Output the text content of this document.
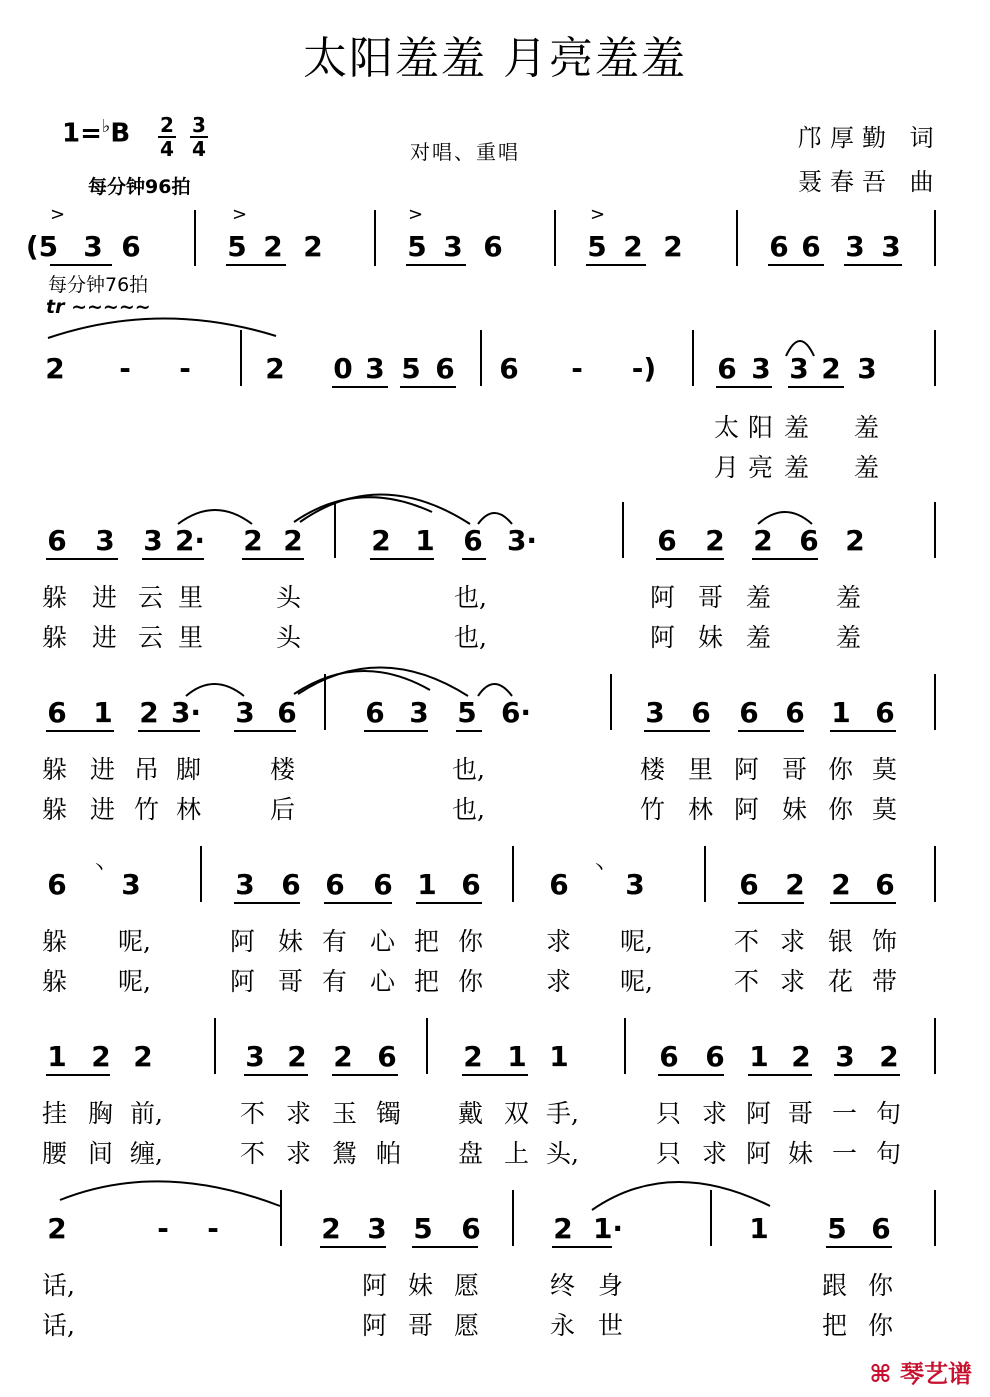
太阳羞羞 月亮羞羞
$1=^♭B \frac{2}{4} \frac{3}{4}$
每分钟96拍
对唱、重唱	邝厚勤 词
聂春吾 曲
每分钟76拍
tr ~~~~~
>	>	>	>
(5 3 6	5 2 2	5 3 6	5 2 2	6 6 3 3
2 - -	2 0 3 5 6 6 - -) 6 3 3 2 3
太 阳 羞 羞
月 亮 羞 羞
6 3 3 2· 2 2 2 1 6 3·	6 2 2 6 2
躲 进 云 里	头	也,	阿 哥 羞	羞
躲 进 云 里	头	也,	阿 妹 羞	羞
6 1 2 3· 3 6 6 3 5 6·	3 6 6 6 1 6
躲 进 吊 脚	楼	也,	楼 里 阿 哥 你 莫
躲 进 竹 林	后	也,	竹 林 阿 妹 你 莫
6 丶 3	3 6 6 6 1 6 6 丶 3	6 2 2 6
躲 呢,	阿 妹 有 心 把 你	求 呢,	不 求 银 饰
躲 呢,	阿 哥 有 心 把 你	求 呢,	不 求 花 带
1 2 2	3 2 2 6 2 1 1	6 6 1 2 3 2
挂 胸 前,	不 求 玉 镯 戴 双 手,	只 求 阿 哥 一 句
腰 间 缠,	不 求 鴛 帕 盘 上 头,	只 求 阿 妹 一 句
2	- -	2 3 5 6	2 1·	1 5 6
话,	阿 妹 愿	终 身	跟 你
话,	阿 哥 愿	永 世	把 你
⌘ 琴艺谱
